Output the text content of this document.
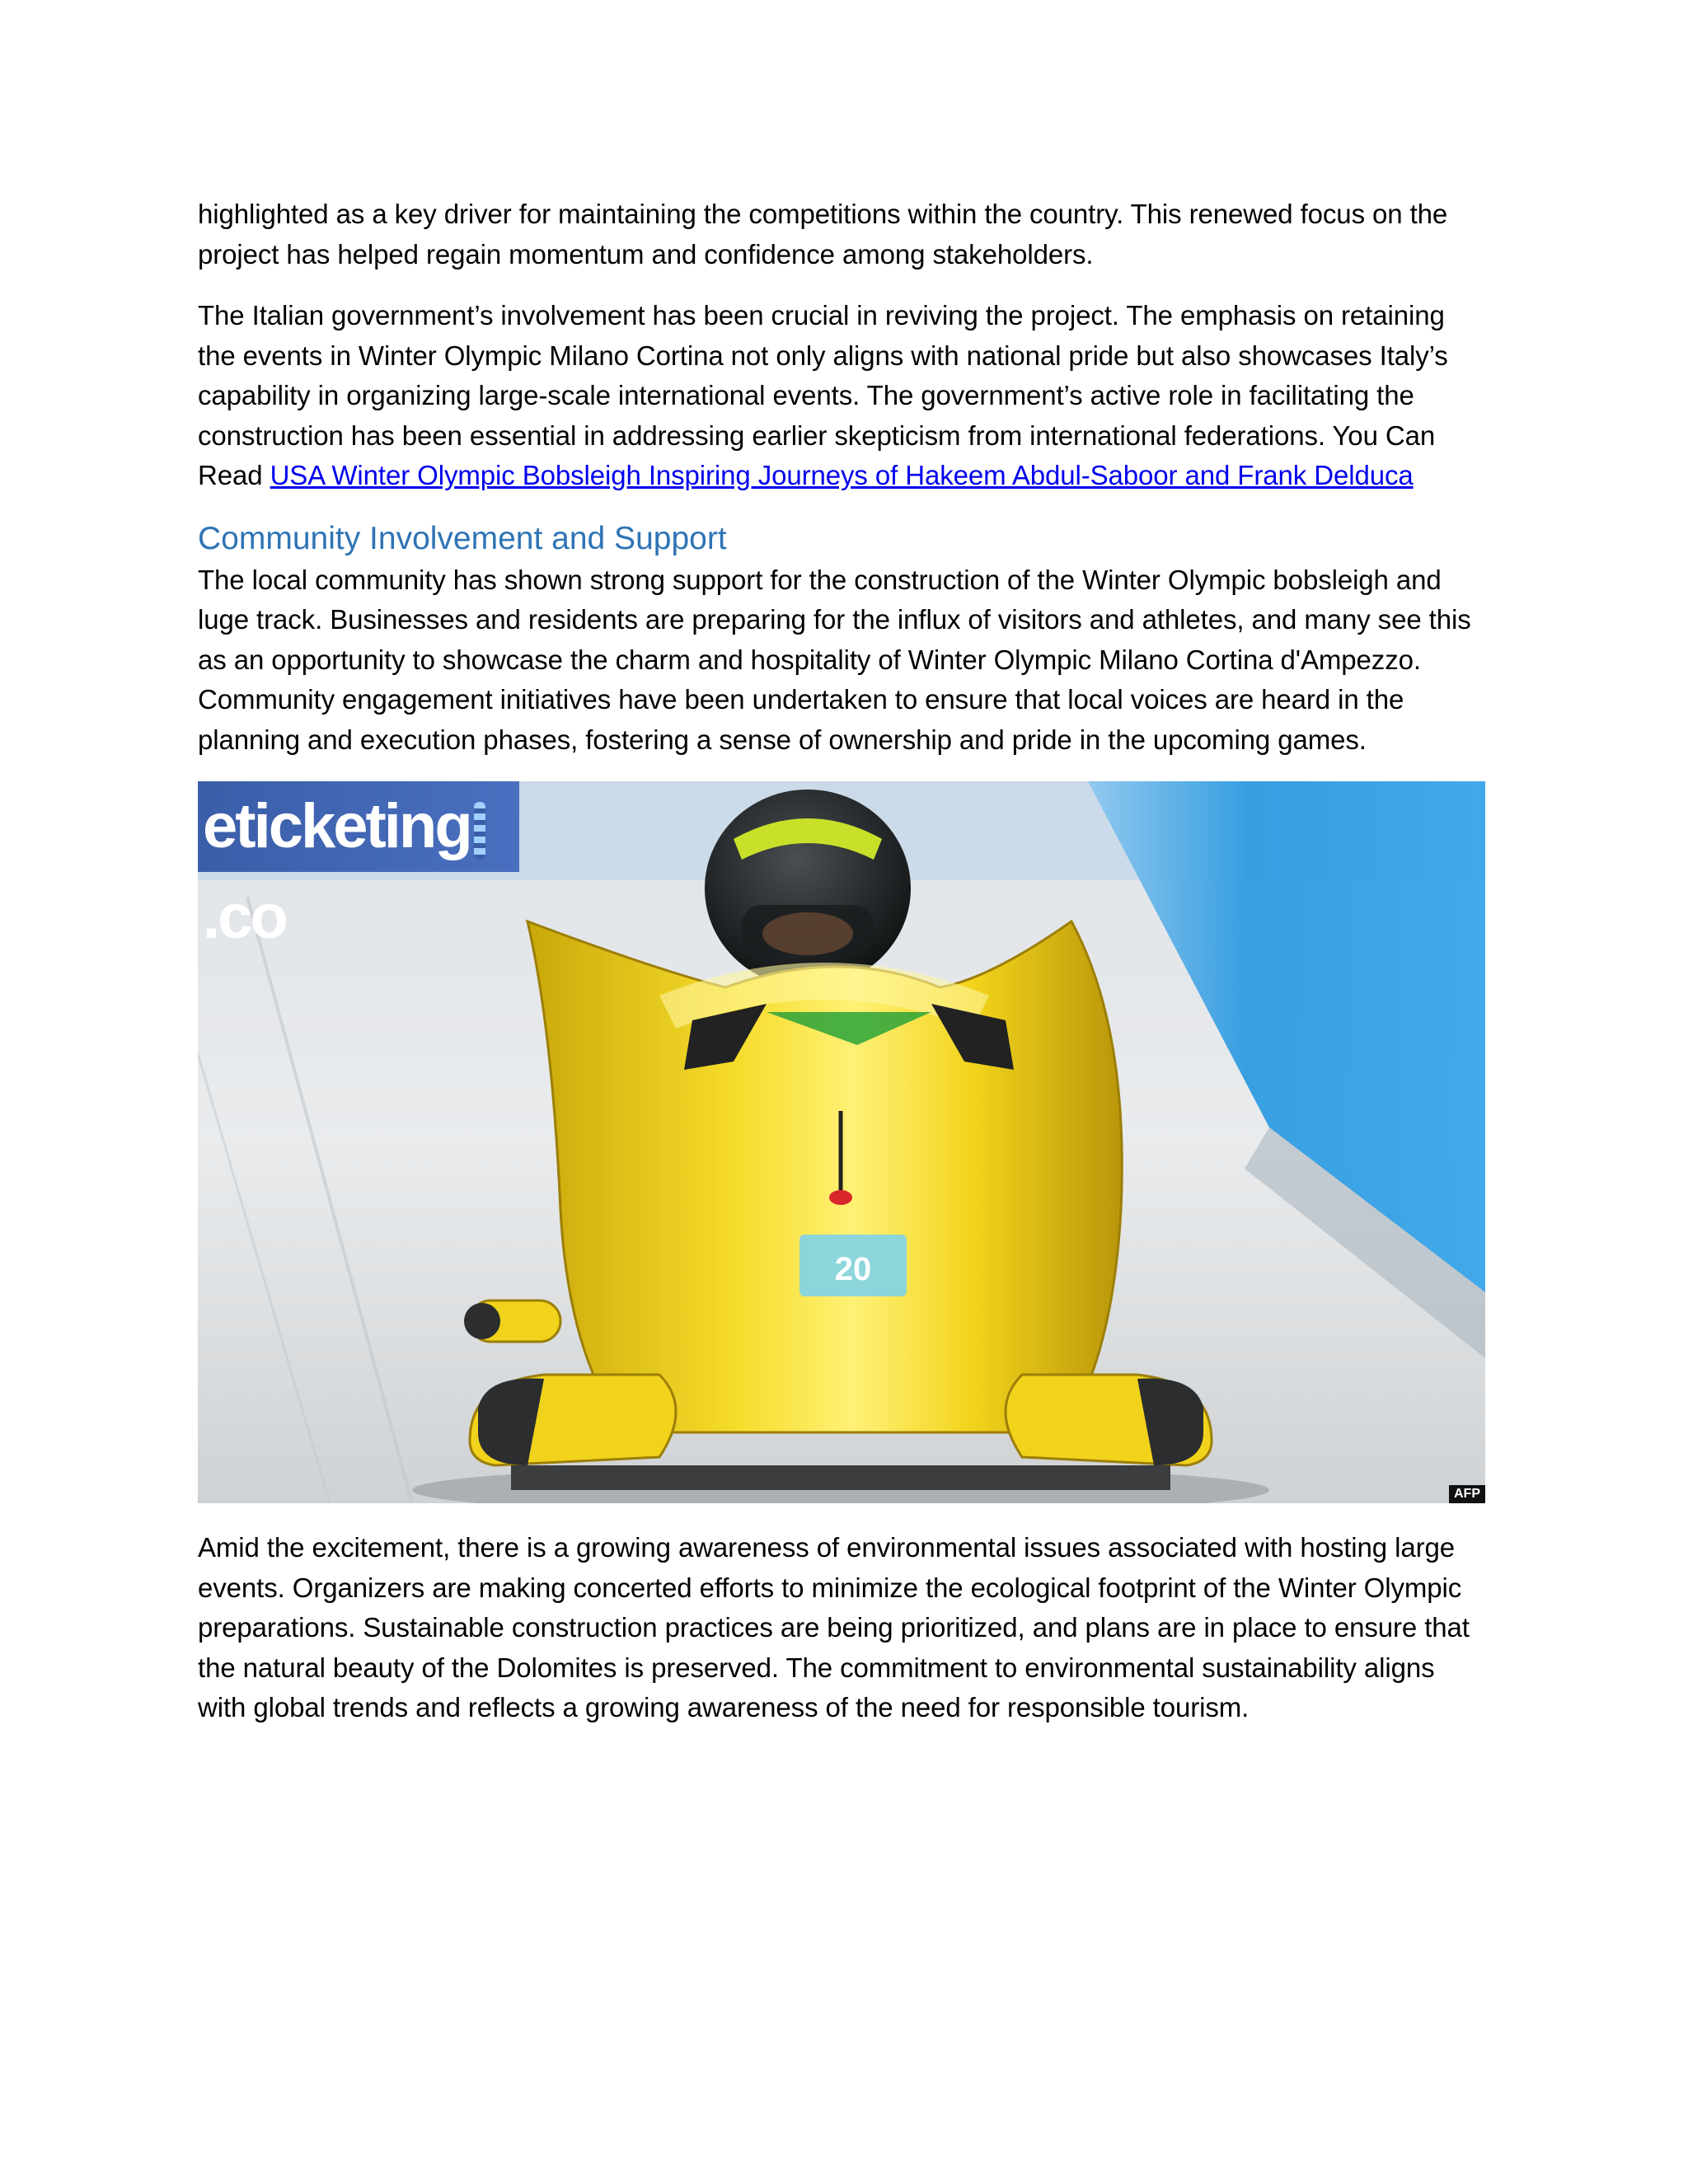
highlighted as a key driver for maintaining the competitions within the country. This renewed focus on the project has helped regain momentum and confidence among stakeholders.

The Italian government’s involvement has been crucial in reviving the project. The emphasis on retaining the events in Winter Olympic Milano Cortina not only aligns with national pride but also showcases Italy’s capability in organizing large-scale international events. The government’s active role in facilitating the construction has been essential in addressing earlier skepticism from international federations. You Can Read USA Winter Olympic Bobsleigh Inspiring Journeys of Hakeem Abdul-Saboor and Frank Delduca

Community Involvement and Support

The local community has shown strong support for the construction of the Winter Olympic bobsleigh and luge track. Businesses and residents are preparing for the influx of visitors and athletes, and many see this as an opportunity to showcase the charm and hospitality of Winter Olympic Milano Cortina d'Ampezzo. Community engagement initiatives have been undertaken to ensure that local voices are heard in the planning and execution phases, fostering a sense of ownership and pride in the upcoming games.

20
eticketing.co
AFP

Amid the excitement, there is a growing awareness of environmental issues associated with hosting large events. Organizers are making concerted efforts to minimize the ecological footprint of the Winter Olympic preparations. Sustainable construction practices are being prioritized, and plans are in place to ensure that the natural beauty of the Dolomites is preserved. The commitment to environmental sustainability aligns with global trends and reflects a growing awareness of the need for responsible tourism.
